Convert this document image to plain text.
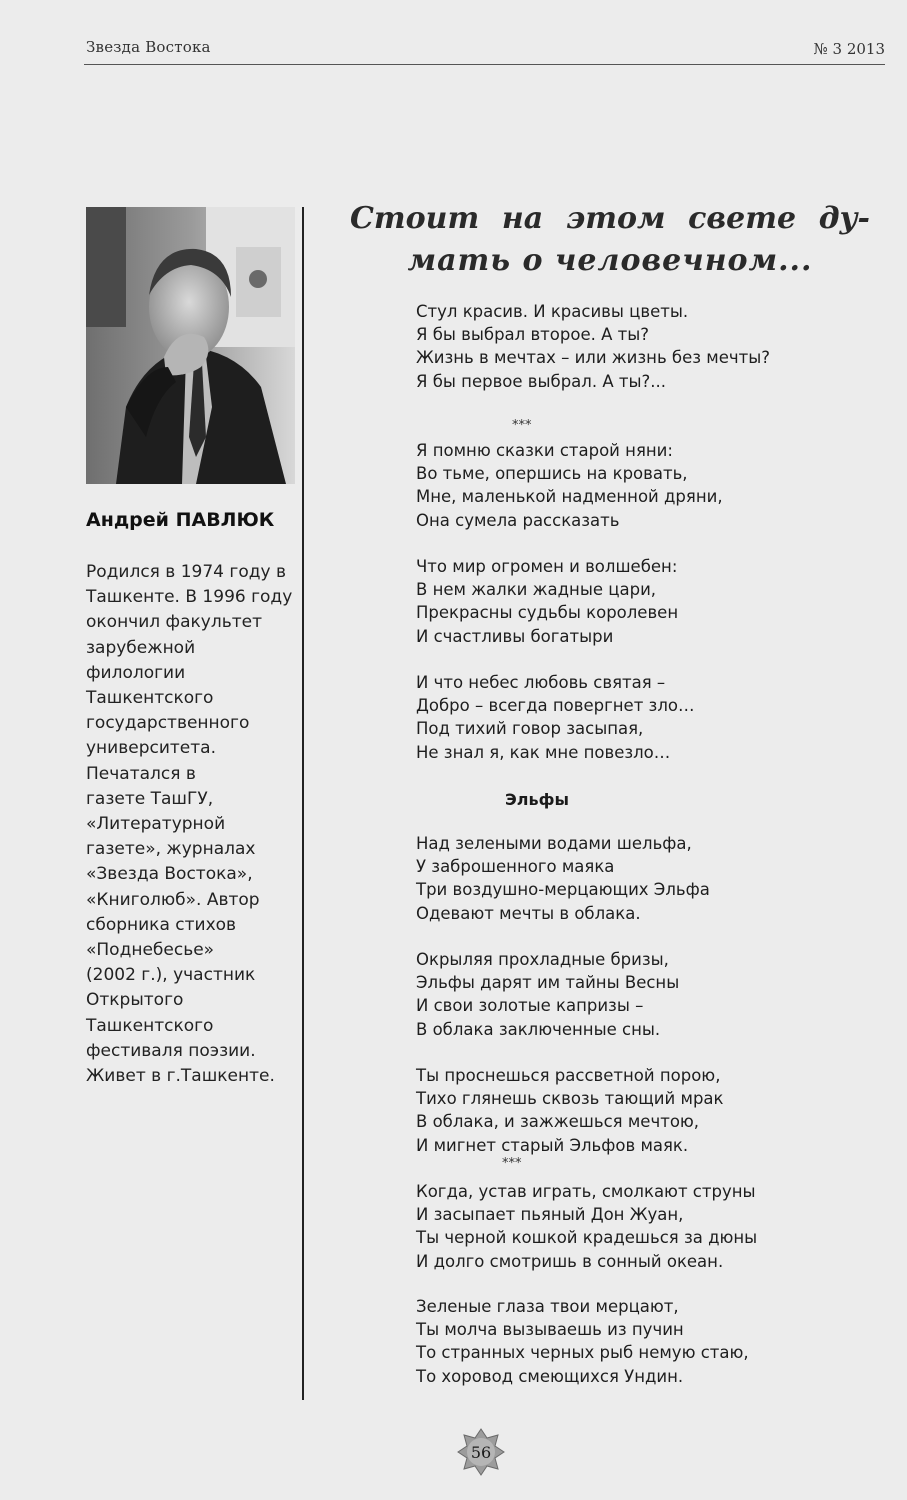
Звезда Востока	№ 3 2013
Андрей ПАВЛЮК
Родился в 1974 году в
Ташкенте. В 1996 году
окончил факультет
зарубежной
филологии
Ташкентского
государственного
университета.
Печатался в
газете ТашГУ,
«Литературной
газете», журналах
«Звезда Востока»,
«Книголюб». Автор
сборника стихов
«Поднебесье»
(2002 г.), участник
Открытого
Ташкентского
фестиваля поэзии.
Живет в г.Ташкенте.
Стоит на этом свете ду-
мать о человечном...
Стул красив. И красивы цветы.
Я бы выбрал второе. А ты?
Жизнь в мечтах – или жизнь без мечты?
Я бы первое выбрал. А ты?...
***
Я помню сказки старой няни:
Во тьме, опершись на кровать,
Мне, маленькой надменной дряни,
Она сумела рассказать
Что мир огромен и волшебен:
В нем жалки жадные цари,
Прекрасны судьбы королевен
И счастливы богатыри
И что небес любовь святая –
Добро – всегда повергнет зло…
Под тихий говор засыпая,
Не знал я, как мне повезло…
Эльфы
Над зелеными водами шельфа,
У заброшенного маяка
Три воздушно-мерцающих Эльфа
Одевают мечты в облака.
Окрыляя прохладные бризы,
Эльфы дарят им тайны Весны
И свои золотые капризы –
В облака заключенные сны.
Ты проснешься рассветной порою,
Тихо глянешь сквозь тающий мрак
В облака, и зажжешься мечтою,
И мигнет старый Эльфов маяк.
***
Когда, устав играть, смолкают струны
И засыпает пьяный Дон Жуан,
Ты черной кошкой крадешься за дюны
И долго смотришь в сонный океан.
Зеленые глаза твои мерцают,
Ты молча вызываешь из пучин
То странных черных рыб немую стаю,
То хоровод смеющихся Ундин.
56
